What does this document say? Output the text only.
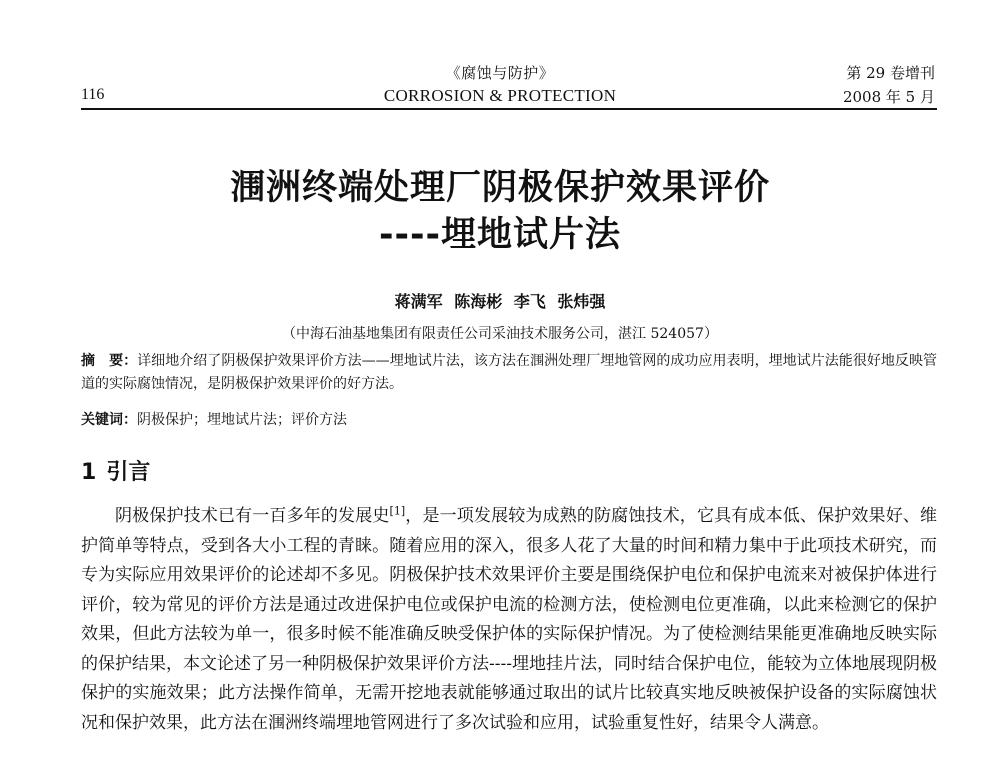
《腐蚀与防护》
CORROSION & PROTECTION
116
第 29 卷增刊
2008 年 5 月
涠洲终端处理厂阴极保护效果评价
----埋地试片法
蒋满军 陈海彬 李飞 张炜强
（中海石油基地集团有限责任公司采油技术服务公司，湛江 524057）
摘　要：详细地介绍了阴极保护效果评价方法——埋地试片法，该方法在涠洲处理厂埋地管网的成功应用表明，埋地试片法能很好地反映管道的实际腐蚀情况，是阴极保护效果评价的好方法。
关键词：阴极保护；埋地试片法；评价方法
1 引言
阴极保护技术已有一百多年的发展史[1]，是一项发展较为成熟的防腐蚀技术，它具有成本低、保护效果好、维护简单等特点，受到各大小工程的青睐。随着应用的深入，很多人花了大量的时间和精力集中于此项技术研究，而专为实际应用效果评价的论述却不多见。阴极保护技术效果评价主要是围绕保护电位和保护电流来对被保护体进行评价，较为常见的评价方法是通过改进保护电位或保护电流的检测方法，使检测电位更准确，以此来检测它的保护效果，但此方法较为单一，很多时候不能准确反映受保护体的实际保护情况。为了使检测结果能更准确地反映实际的保护结果，本文论述了另一种阴极保护效果评价方法----埋地挂片法，同时结合保护电位，能较为立体地展现阴极保护的实施效果；此方法操作简单，无需开挖地表就能够通过取出的试片比较真实地反映被保护设备的实际腐蚀状况和保护效果，此方法在涠洲终端埋地管网进行了多次试验和应用，试验重复性好，结果令人满意。
